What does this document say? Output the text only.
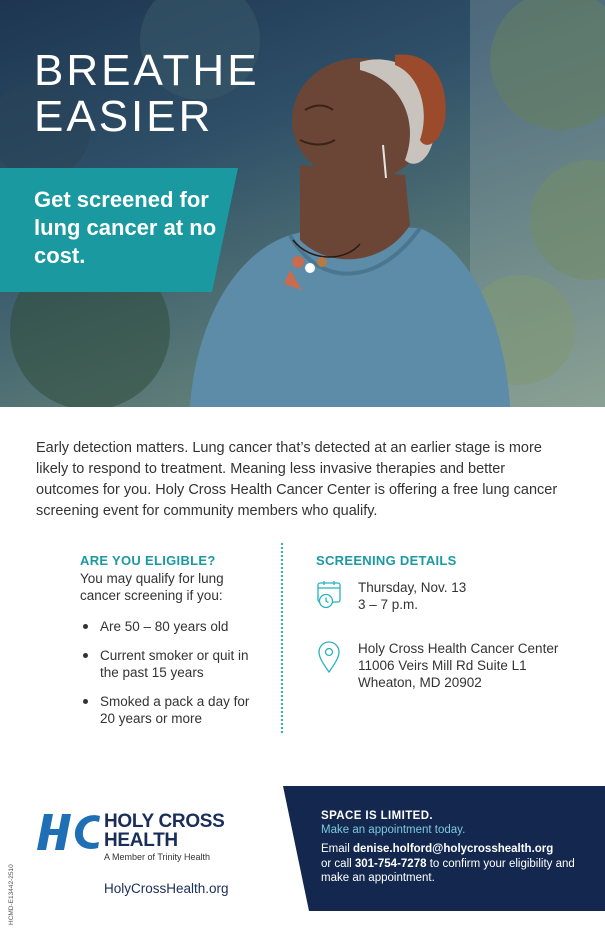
BREATHE
EASIER

Get screened for lung cancer at no cost.

Early detection matters. Lung cancer that’s detected at an earlier stage is more likely to respond to treatment. Meaning less invasive therapies and better outcomes for you. Holy Cross Health Cancer Center is offering a free lung cancer screening event for community members who qualify.

ARE YOU ELIGIBLE?

You may qualify for lung cancer screening if you:

Are 50 – 80 years old
Current smoker or quit in the past 15 years
Smoked a pack a day for 20 years or more
SCREENING DETAILS
Thursday, Nov. 13
3 – 7 p.m.
Holy Cross Health Cancer Center
11006 Veirs Mill Rd Suite L1
Wheaton, MD 20902
HOLY CROSS
HEALTH

A Member of Trinity Health

HolyCrossHealth.org
HCMD-E13442-2510

SPACE IS LIMITED.

Make an appointment today.

Email denise.holford@holycrosshealth.org
or call 301-754-7278 to confirm your eligibility and make an appointment.
